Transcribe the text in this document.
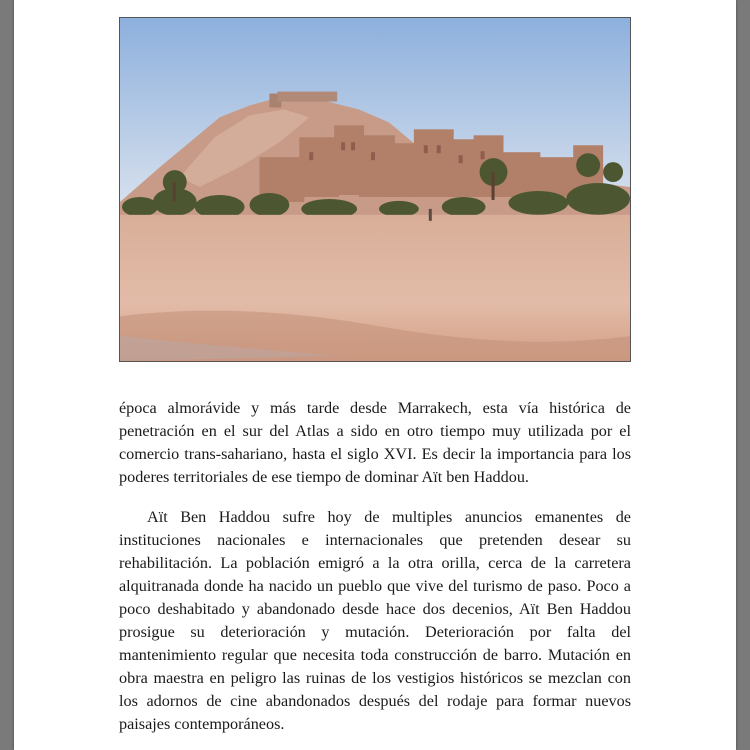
época almorávide y más tarde desde Marrakech, esta vía histórica de penetración en el sur del Atlas a sido en otro tiempo muy utilizada por el comercio trans-sahariano, hasta el siglo XVI. Es decir la importancia para los poderes territoriales de ese tiempo de dominar Aït ben Haddou.

Aït Ben Haddou sufre hoy de multiples anuncios emanentes de instituciones nacionales e internacionales que pretenden desear su rehabilitación. La población emigró a la otra orilla, cerca de la carretera alquitranada donde ha nacido un pueblo que vive del turismo de paso. Poco a poco deshabitado y abandonado desde hace dos decenios, Aït Ben Haddou prosigue su deterioración y mutación. Deterioración por falta del mantenimiento regular que necesita toda construcción de barro. Mutación en obra maestra en peligro las ruinas de los vestigios históricos se mezclan con los adornos de cine abandonados después del rodaje para formar nuevos paisajes contemporáneos.
